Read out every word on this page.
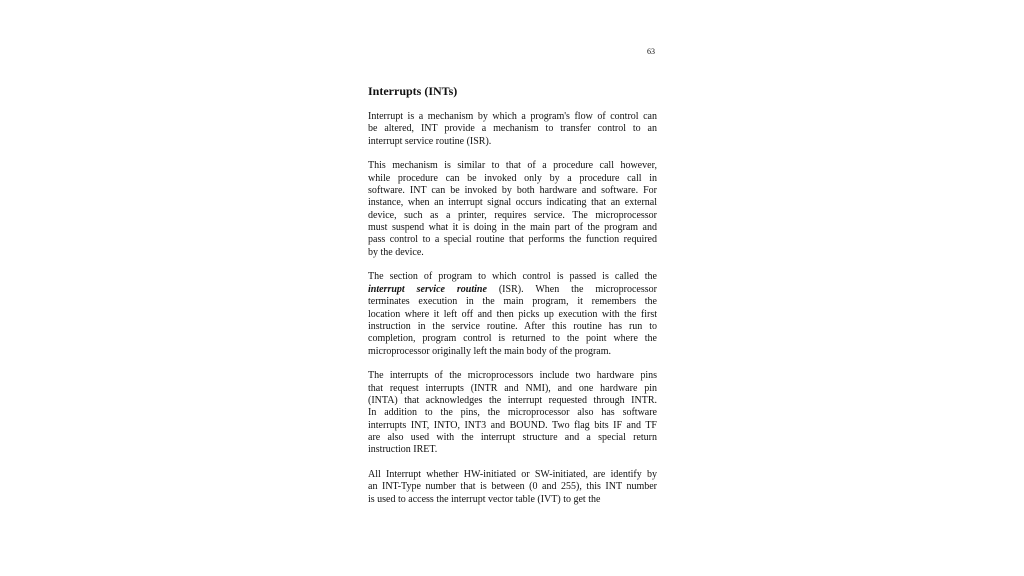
63
Interrupts (INTs)
Interrupt is a mechanism by which a program's flow of control can
be altered, INT provide a mechanism to transfer control to an
interrupt service routine (ISR).
This mechanism is similar to that of a procedure call however,
while procedure can be invoked only by a procedure call in
software. INT can be invoked by both hardware and software. For
instance, when an interrupt signal occurs indicating that an external
device, such as a printer, requires service. The microprocessor
must suspend what it is doing in the main part of the program and
pass control to a special routine that performs the function required
by the device.
The section of program to which control is passed is called the
interrupt service routine (ISR). When the microprocessor
terminates execution in the main program, it remembers the
location where it left off and then picks up execution with the first
instruction in the service routine. After this routine has run to
completion, program control is returned to the point where the
microprocessor originally left the main body of the program.
The interrupts of the microprocessors include two hardware pins
that request interrupts (INTR and NMI), and one hardware pin
(INTA) that acknowledges the interrupt requested through INTR.
In addition to the pins, the microprocessor also has software
interrupts INT, INTO, INT3 and BOUND. Two flag bits IF and TF
are also used with the interrupt structure and a special return
instruction IRET.
All Interrupt whether HW-initiated or SW-initiated, are identify by
an INT-Type number that is between (0 and 255), this INT number
is used to access the interrupt vector table (IVT) to get the
